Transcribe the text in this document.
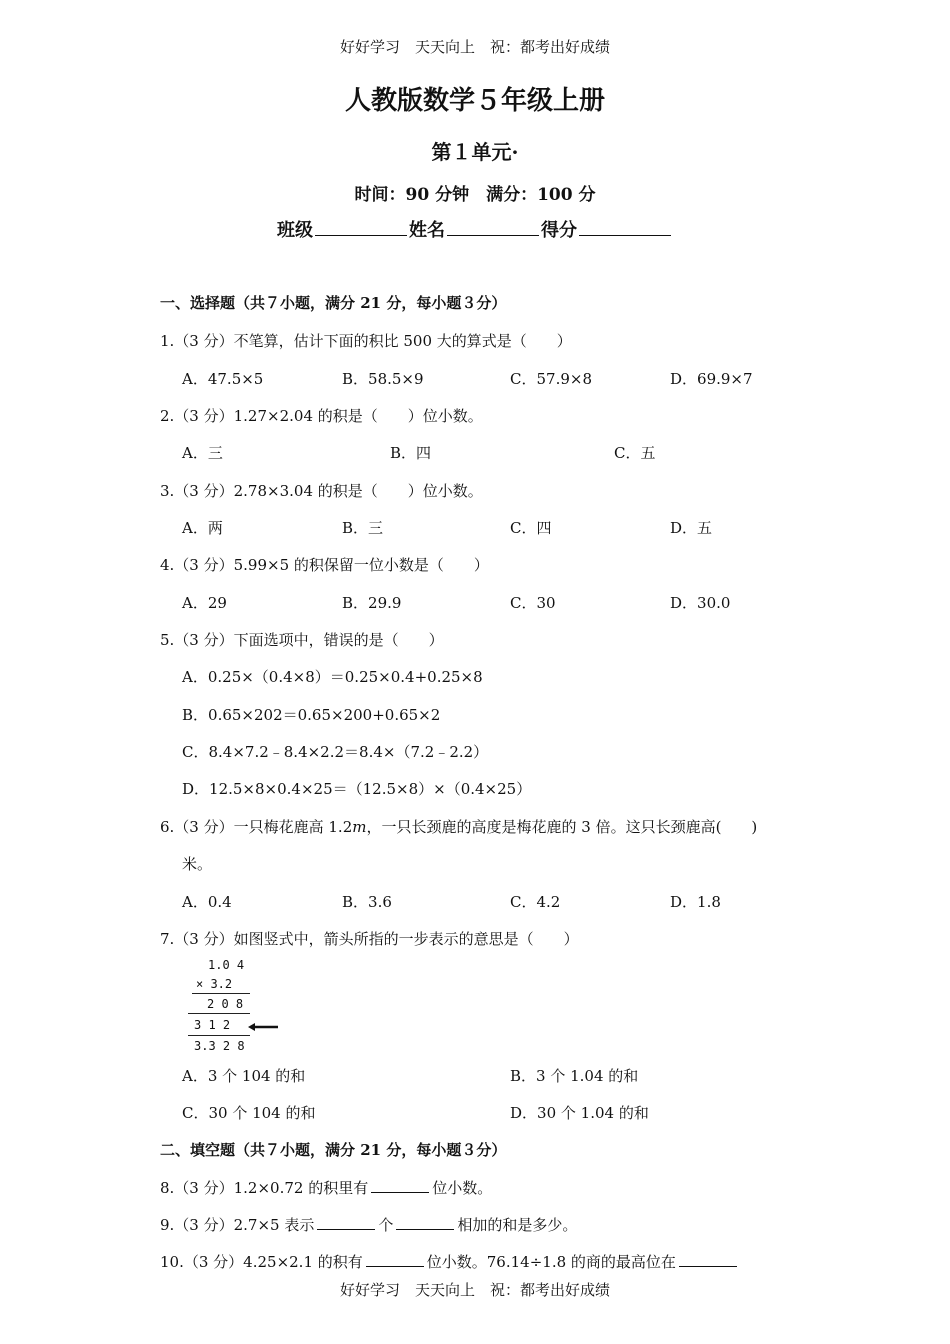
好好学习　天天向上　祝：都考出好成绩
人教版数学５年级上册
第１单元·
时间：90 分钟　满分：100 分
班级	姓名	得分
一、选择题（共７小题，满分 21 分，每小题３分）
1.（3 分）不笔算，估计下面的积比 500 大的算式是（　　）
A．47.5×5	B．58.5×9	C．57.9×8	D．69.9×7
2.（3 分）1.27×2.04 的积是（　　）位小数。
A．三	B．四	C．五
3.（3 分）2.78×3.04 的积是（　　）位小数。
A．两	B．三	C．四	D．五
4.（3 分）5.99×5 的积保留一位小数是（　　）
A．29	B．29.9	C．30	D．30.0
5.（3 分）下面选项中，错误的是（　　）
A．0.25×（0.4×8）＝0.25×0.4+0.25×8
B．0.65×202＝0.65×200+0.65×2
C．8.4×7.2﹣8.4×2.2＝8.4×（7.2﹣2.2）
D．12.5×8×0.4×25＝（12.5×8）×（0.4×25）
6.（3 分）一只梅花鹿高 1.2m，一只长颈鹿的高度是梅花鹿的 3 倍。这只长颈鹿高(　　)
米。
A．0.4	B．3.6	C．4.2	D．1.8
7.（3 分）如图竖式中，箭头所指的一步表示的意思是（　　）
1.0 4
× 3.2
2 0 8
3 1 2
3.3 2 8
A．3 个 104 的和	B．3 个 1.04 的和
C．30 个 104 的和	D．30 个 1.04 的和
二、填空题（共７小题，满分 21 分，每小题３分）
8.（3 分）1.2×0.72 的积里有	位小数。
9.（3 分）2.7×5 表示	个	相加的和是多少。
10.（3 分）4.25×2.1 的积有	位小数。76.14÷1.8 的商的最高位在
好好学习　天天向上　祝：都考出好成绩
